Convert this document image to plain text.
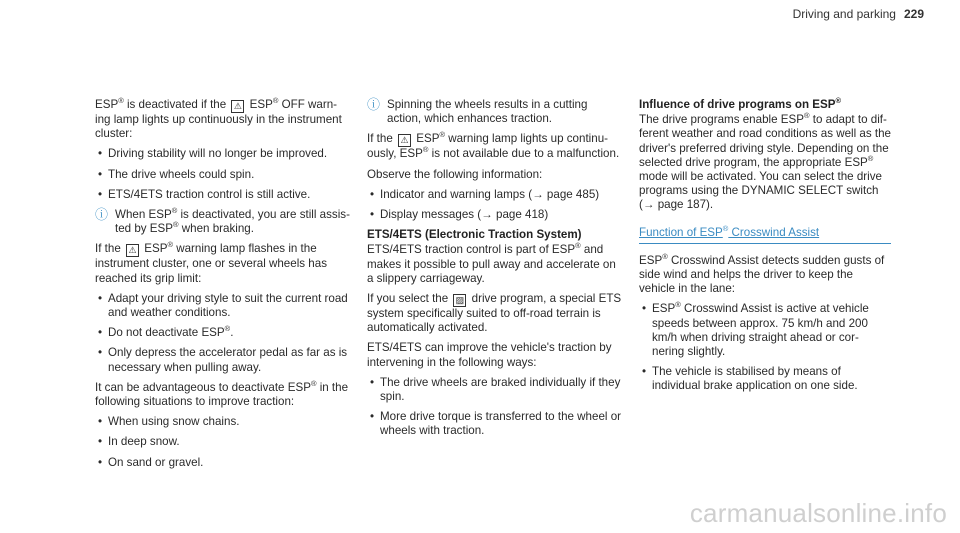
Driving and parking 229

ESP® is deactivated if the ⚠ ESP® OFF warn-ing lamp lights up continuously in the instrument cluster:

• Driving stability will no longer be improved.
• The drive wheels could spin.
• ETS/4ETS traction control is still active.
ⓘ When ESP® is deactivated, you are still assis-ted by ESP® when braking.

If the ⚠ ESP® warning lamp flashes in the instrument cluster, one or several wheels has reached its grip limit:

• Adapt your driving style to suit the current road and weather conditions.
• Do not deactivate ESP®.
• Only depress the accelerator pedal as far as is necessary when pulling away.

It can be advantageous to deactivate ESP® in the following situations to improve traction:

• When using snow chains.
• In deep snow.
• On sand or gravel.
ⓘ Spinning the wheels results in a cutting action, which enhances traction.

If the ⚠ ESP® warning lamp lights up continu-ously, ESP® is not available due to a malfunction.

Observe the following information:

• Indicator and warning lamps (→ page 485)
• Display messages (→ page 418)

ETS/4ETS (Electronic Traction System)

ETS/4ETS traction control is part of ESP® and makes it possible to pull away and accelerate on a slippery carriageway.

If you select the ▨ drive program, a special ETS system specifically suited to off-road terrain is automatically activated.

ETS/4ETS can improve the vehicle's traction by intervening in the following ways:

• The drive wheels are braked individually if they spin.
• More drive torque is transferred to the wheel or wheels with traction.

Influence of drive programs on ESP®

The drive programs enable ESP® to adapt to dif-ferent weather and road conditions as well as the driver's preferred driving style. Depending on the selected drive program, the appropriate ESP® mode will be activated. You can select the drive programs using the DYNAMIC SELECT switch (→ page 187).

Function of ESP® Crosswind Assist

ESP® Crosswind Assist detects sudden gusts of side wind and helps the driver to keep the vehicle in the lane:

• ESP® Crosswind Assist is active at vehicle speeds between approx. 75 km/h and 200 km/h when driving straight ahead or cor-nering slightly.
• The vehicle is stabilised by means of individual brake application on one side.
carmanualsonline.info
